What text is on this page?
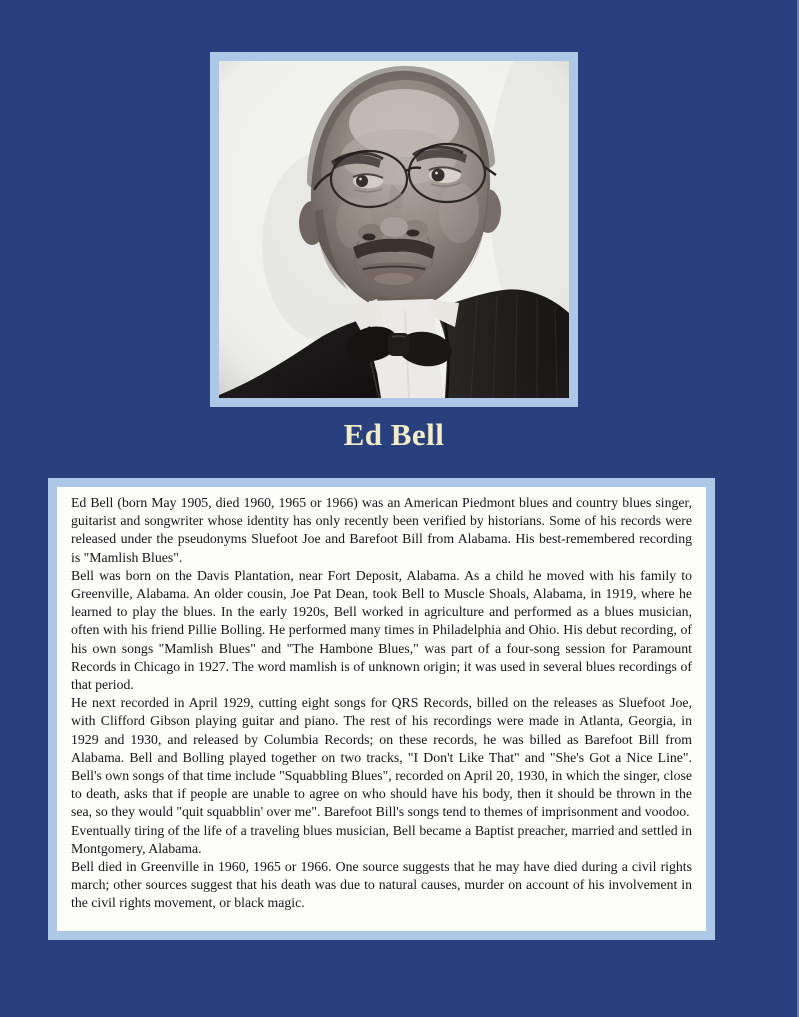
Ed Bell

Ed Bell (born May 1905, died 1960, 1965 or 1966) was an American Piedmont blues and country blues singer, guitarist and songwriter whose identity has only recently been verified by historians. Some of his records were released under the pseudonyms Sluefoot Joe and Barefoot Bill from Alabama. His best-remembered recording is "Mamlish Blues".

Bell was born on the Davis Plantation, near Fort Deposit, Alabama. As a child he moved with his family to Greenville, Alabama. An older cousin, Joe Pat Dean, took Bell to Muscle Shoals, Alabama, in 1919, where he learned to play the blues. In the early 1920s, Bell worked in agriculture and performed as a blues musician, often with his friend Pillie Bolling. He performed many times in Philadelphia and Ohio. His debut recording, of his own songs "Mamlish Blues" and "The Hambone Blues," was part of a four-song session for Paramount Records in Chicago in 1927. The word mamlish is of unknown origin; it was used in several blues recordings of that period.

He next recorded in April 1929, cutting eight songs for QRS Records, billed on the releases as Sluefoot Joe, with Clifford Gibson playing guitar and piano. The rest of his recordings were made in Atlanta, Georgia, in 1929 and 1930, and released by Columbia Records; on these records, he was billed as Barefoot Bill from Alabama. Bell and Bolling played together on two tracks, "I Don't Like That" and "She's Got a Nice Line". Bell's own songs of that time include "Squabbling Blues", recorded on April 20, 1930, in which the singer, close to death, asks that if people are unable to agree on who should have his body, then it should be thrown in the sea, so they would "quit squabblin' over me". Barefoot Bill's songs tend to themes of imprisonment and voodoo.

Eventually tiring of the life of a traveling blues musician, Bell became a Baptist preacher, married and settled in Montgomery, Alabama.

Bell died in Greenville in 1960, 1965 or 1966. One source suggests that he may have died during a civil rights march; other sources suggest that his death was due to natural causes, murder on account of his involvement in the civil rights movement, or black magic.
